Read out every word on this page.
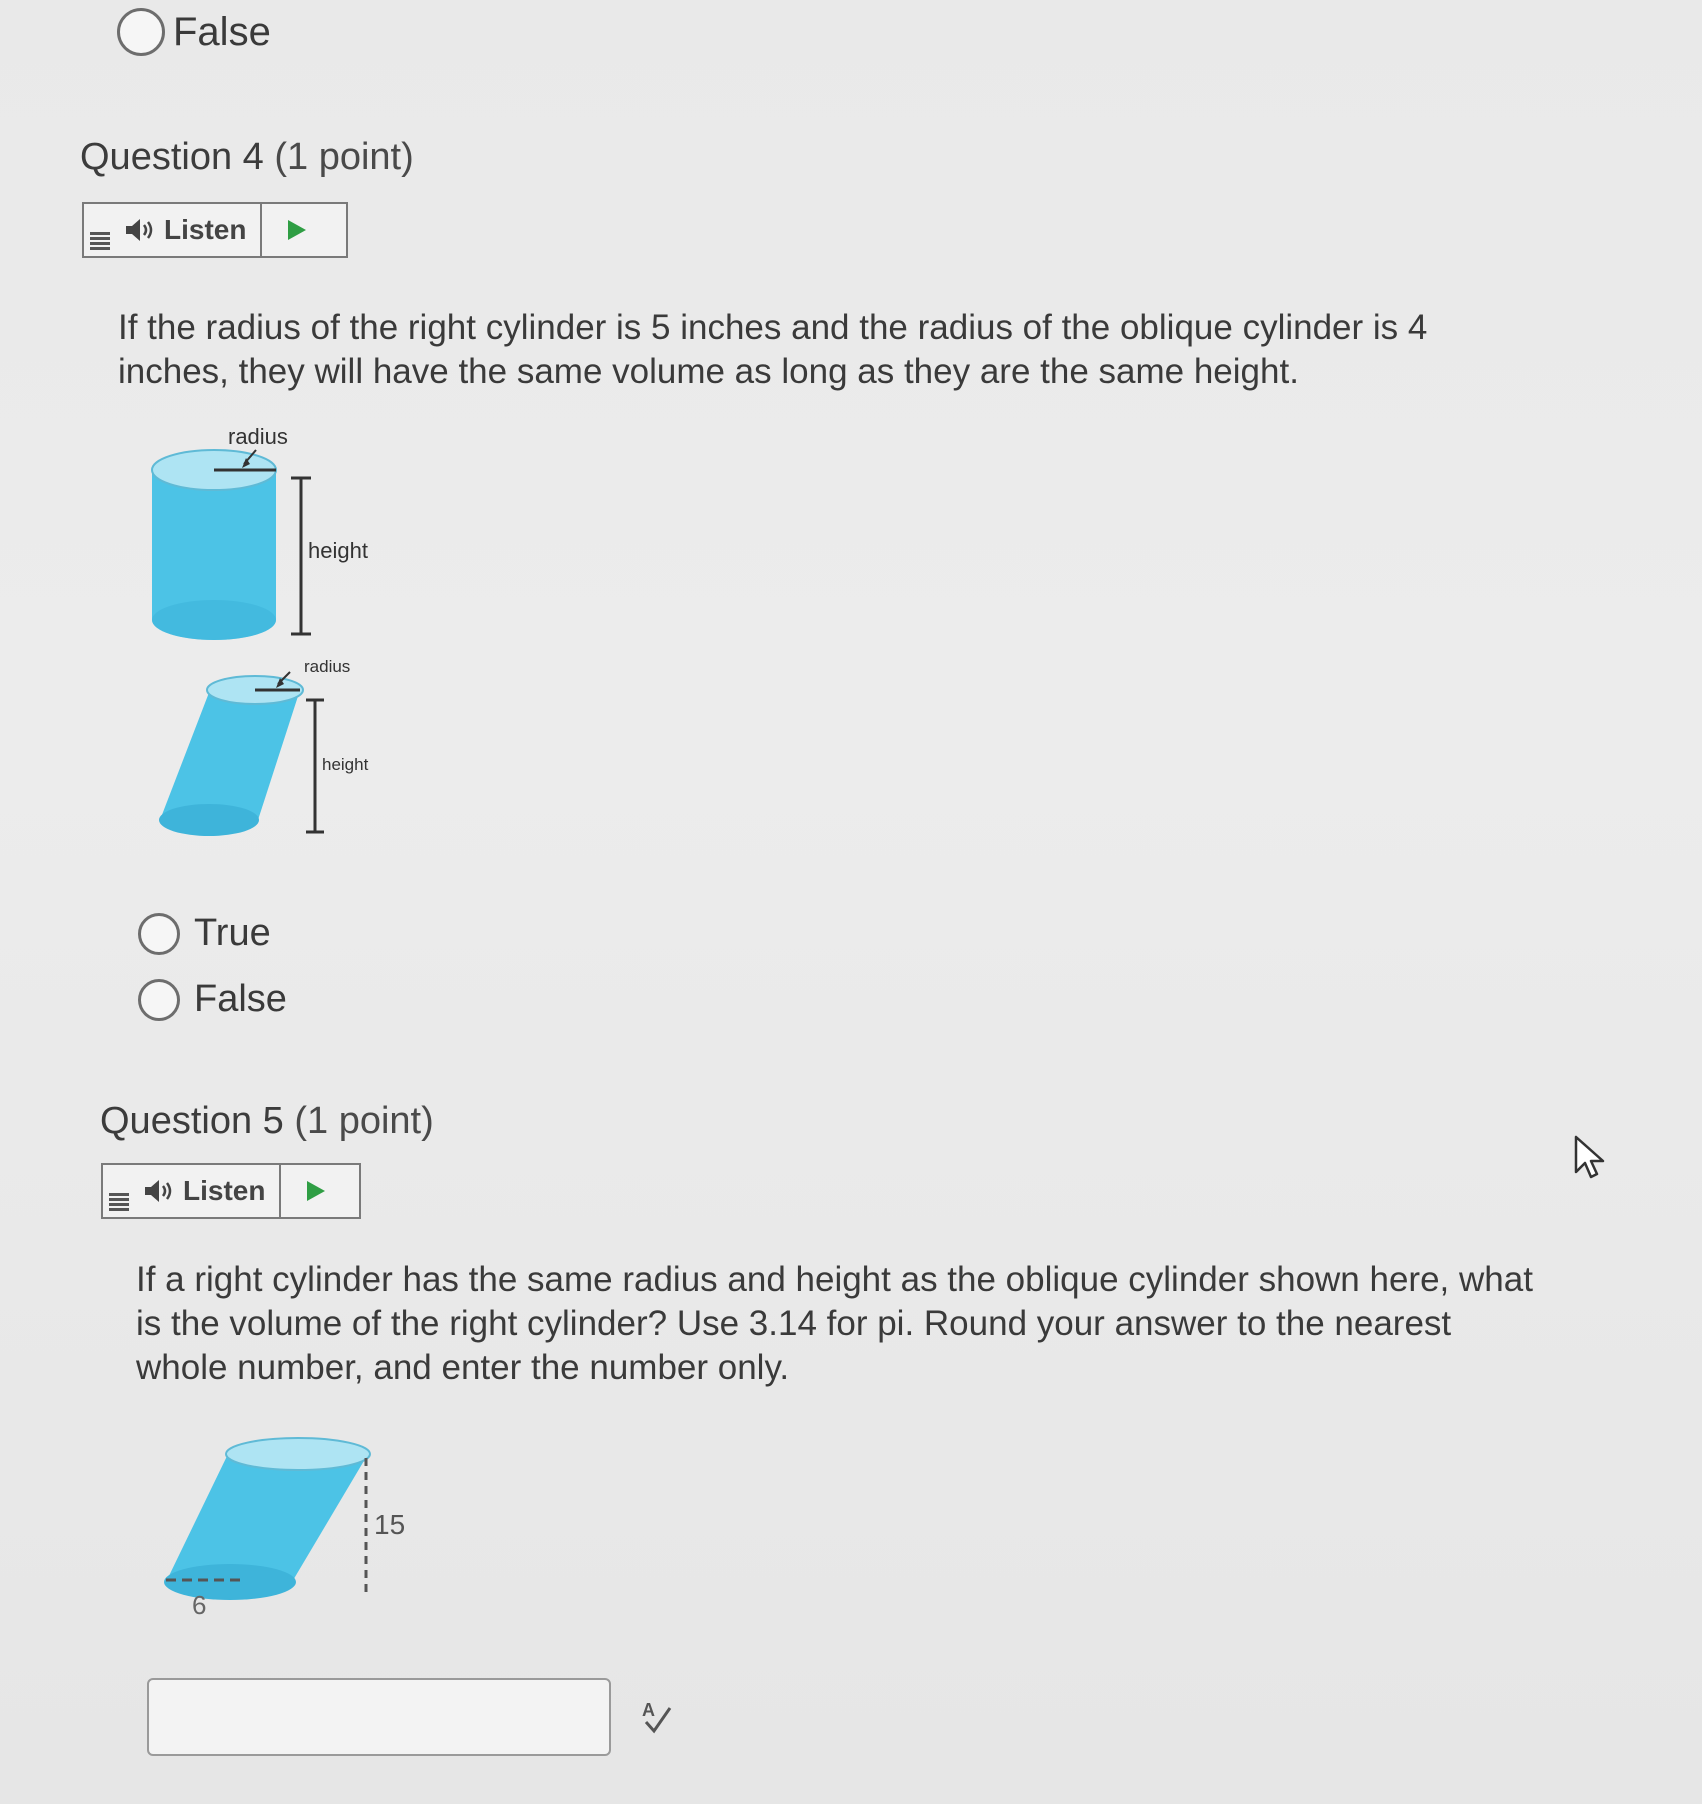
False
Question 4 (1 point)
Listen
If the radius of the right cylinder is 5 inches and the radius of the oblique cylinder is 4 inches, they will have the same volume as long as they are the same height.
radius
height
radius
height
True
False
Question 5 (1 point)
Listen
If a right cylinder has the same radius and height as the oblique cylinder shown here, what is the volume of the right cylinder? Use 3.14 for pi. Round your answer to the nearest whole number, and enter the number only.
15
6
A
